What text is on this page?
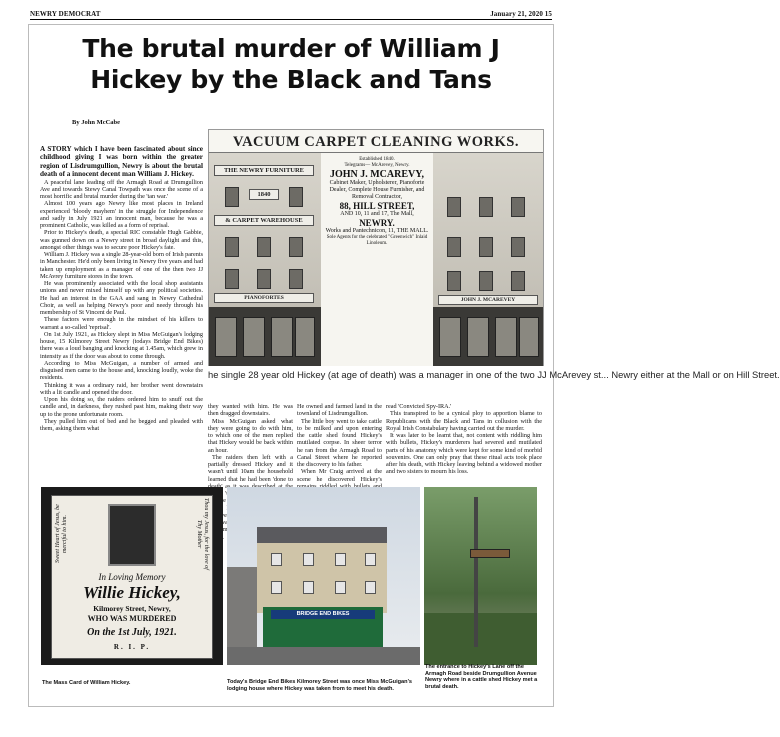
NEWRY DEMOCRAT	January 21, 2020 15
The brutal murder of William J Hickey by the Black and Tans
By John McCabe

A STORY which I have been fascinated about since childhood giving I was born within the greater region of Lisdrumgullion, Newry is about the brutal death of a innocent decent man William J. Hickey.

A peaceful lane leading off the Armagh Road at Drumgullion Ave and towards Stewy Canal Towpath was once the scene of a most horrific and brutal murder during the 'tan war.'

Almost 100 years ago Newry like most places in Ireland experienced 'bloody mayhem' in the struggle for Independence and sadly in July 1921 an innocent man, because he was a prominent Catholic, was killed as a form of reprisal.

Prior to Hickey's death, a special RIC constable Hugh Gabbie, was gunned down on a Newry street in broad daylight and this, amongst other things was to secure poor Hickey's fate.

William J. Hickey was a single 28-year-old born of Irish parents in Manchester. He'd only been living in Newry five years and had taken up employment as a manager of one of the then two JJ McAvrey furniture stores in the town.

He was prominently associated with the local shop assistants unions and never mixed himself up with any political societies. He had an interest in the GAA and sang in Newry Cathedral Choir, as well as helping Newry's poor and needy through his membership of St Vincent de Paul.

These factors were enough in the mindset of his killers to warrant a so-called 'reprisal'.

On 1st July 1921, as Hickey slept in Miss McGuigan's lodging house, 15 Kilmorey Street Newry (todays Bridge End Bikes) there was a loud banging and knocking at 1.45am, which grew in intensity as if the door was about to come through.

According to Miss McGuigan, a number of armed and disguised men came to the house and, knocking loudly, woke the residents.

Thinking it was a ordinary raid, her brother went downstairs with a lit candle and opened the door.

Upon his doing so, the raiders ordered him to snuff out the candle and, in darkness, they rushed past him, making their way up to the prone unfortunate room.

They pulled him out of bed and he begged and pleaded with them, asking them what

VACUUM CARPET CLEANING WORKS.
THE NEWRY FURNITURE
1840
& CARPET WAREHOUSE
PIANOFORTES
Established 1840.
Telegrams— McArevey, Newry.
JOHN J. MCAREVY,
Cabinet Maker, Upholsterer, Pianoforte Dealer, Complete House Furnisher, and Removal Contractor,
88, HILL STREET,
AND 10, 11 and 17, The Mall,
NEWRY.
Works and Pantechnicon, 11, THE MALL.
Sole Agents for the celebrated "Greenwich" Inlaid Linoleum.
JOHN J. MCAREVEY
he single 28 year old Hickey (at age of death) was a manager in one of the two JJ McArevey st... Newry either at the Mall or on Hill Street.

they wanted with him. He was then dragged downstairs.

Miss McGuigan asked what they were going to do with him, to which one of the men replied that Hickey would be back within an hour.

The raiders then left with a partially dressed Hickey and it wasn't until 10am the household learned that he had been 'done to

was James

He owned and farmed land in the townland of Lisdrumgullion.

The little boy went to take cattle to be milked and upon entering the cattle shed found Hickey's mutilated corpse. In sheer terror he ran from the Armagh Road to Canal Street where he reported the discovery to his father.

When Mr Craig arrived at the scene he discovered Hickey's

read 'Convicted Spy-IRA.'

This transpired to be a cynical ploy to apportion blame to Republicans with the Black and Tans in collusion with the Royal Irish Constabulary having carried out the murder.

It was later to be learnt that, not content with riddling him with bullets, Hickey's murderers had severed and mutilated parts of his anatomy which were kept for some kind of morbid souvenirs. One can only pray that these ritual acts took place after his death, with Hickey leaving behind a widowed mother and two sisters to mourn his loss.

Sweet Heart of Jesus, be merciful to him.	Thou my Jesus, for the love of Thy Mother
In Loving Memory
Willie Hickey,
Kilmorey Street, Newry,
WHO WAS MURDERED
On the 1st July, 1921.
R. I. P.
BRIDGE END BIKES
The Mass Card of William Hickey.	Today's Bridge End Bikes Kilmorey Street was once Miss McGuigan's lodging house where Hickey was taken from to meet his death.
The entrance to Hickey's Lane off the Armagh Road beside Drumgullion Avenue Newry where in a cattle shed Hickey met a brutal death.
